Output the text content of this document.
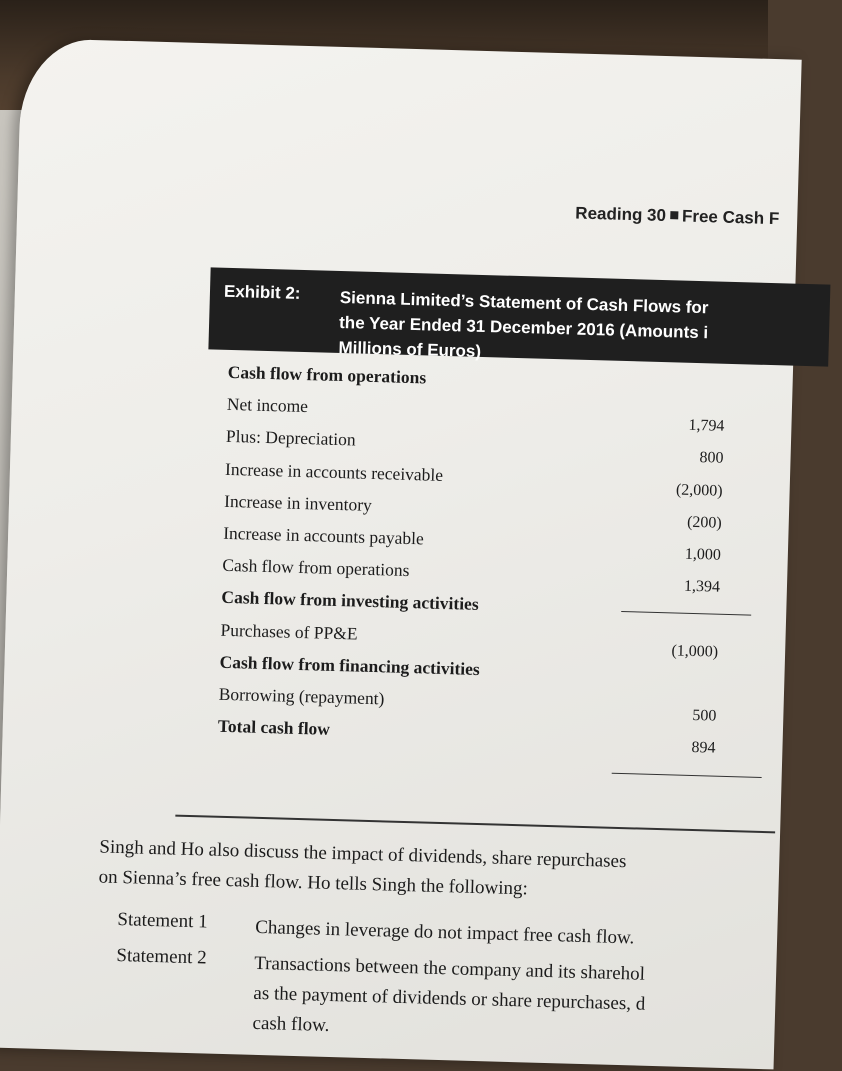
Reading 30 Free Cash F
Exhibit 2: Sienna Limited’s Statement of Cash Flows for
the Year Ended 31 December 2016 (Amounts i
Millions of Euros)
Cash flow from operations
Net income
1,794
Plus: Depreciation
800
Increase in accounts receivable
(2,000)
Increase in inventory
(200)
Increase in accounts payable
1,000
Cash flow from operations
1,394
Cash flow from investing activities
Purchases of PP&E
(1,000)
Cash flow from financing activities
Borrowing (repayment)
500
Total cash flow
894
Singh and Ho also discuss the impact of dividends, share repurchases
on Sienna’s free cash flow. Ho tells Singh the following:
Statement 1 Changes in leverage do not impact free cash flow.
Statement 2 Transactions between the company and its sharehol
as the payment of dividends or share repurchases, d
cash flow.
